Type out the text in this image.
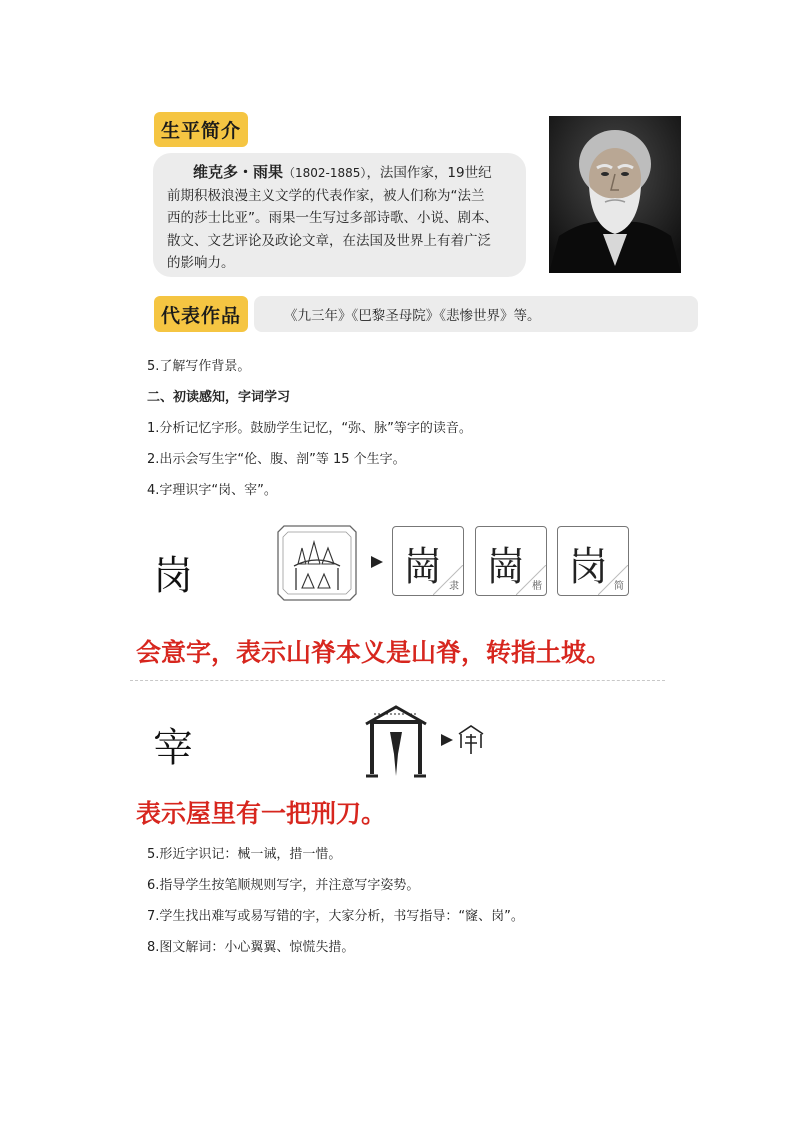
生平简介
维克多・雨果（1802-1885），法国作家，19世纪
前期积极浪漫主义文学的代表作家，被人们称为“法兰
西的莎士比亚”。雨果一生写过多部诗歌、小说、剧本、
散文、文艺评论及政论文章，在法国及世界上有着广泛
的影响力。
代表作品	《九三年》《巴黎圣母院》《悲惨世界》等。
5.了解写作背景。
二、初读感知，字词学习
1.分析记忆字形。鼓励学生记忆，“弥、脉”等字的读音。
2.出示会写生字“伦、腹、剖”等 15 个生字。
4.字理识字“岗、宰”。
岗	崗 隶 崗 楷 岗 简
会意字，表示山脊本义是山脊，转指土坡。
宰
表示屋里有一把刑刀。
5.形近字识记：械一诫，措一惜。
6.指导学生按笔顺规则写字，并注意写字姿势。
7.学生找出难写或易写错的字，大家分析，书写指导：“窿、岗”。
8.图文解词：小心翼翼、惊慌失措。
